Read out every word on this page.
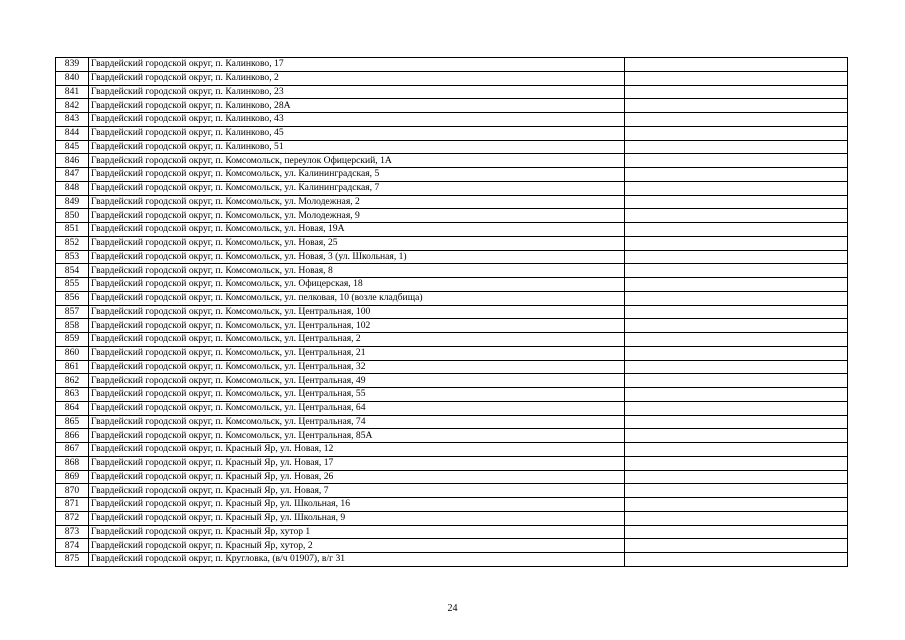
839	Гвардейский городской округ, п. Калинково, 17	
840	Гвардейский городской округ, п. Калинково, 2	
841	Гвардейский городской округ, п. Калинково, 23	
842	Гвардейский городской округ, п. Калинково, 28А	
843	Гвардейский городской округ, п. Калинково, 43	
844	Гвардейский городской округ, п. Калинково, 45	
845	Гвардейский городской округ, п. Калинково, 51	
846	Гвардейский городской округ, п. Комсомольск, переулок Офицерский, 1А	
847	Гвардейский городской округ, п. Комсомольск, ул. Калининградская, 5	
848	Гвардейский городской округ, п. Комсомольск, ул. Калининградская, 7	
849	Гвардейский городской округ, п. Комсомольск, ул. Молодежная, 2	
850	Гвардейский городской округ, п. Комсомольск, ул. Молодежная, 9	
851	Гвардейский городской округ, п. Комсомольск, ул. Новая, 19А	
852	Гвардейский городской округ, п. Комсомольск, ул. Новая, 25	
853	Гвардейский городской округ, п. Комсомольск, ул. Новая, 3 (ул. Школьная, 1)	
854	Гвардейский городской округ, п. Комсомольск, ул. Новая, 8	
855	Гвардейский городской округ, п. Комсомольск, ул. Офицерская, 18	
856	Гвардейский городской округ, п. Комсомольск, ул. пелковая, 10 (возле кладбища)	
857	Гвардейский городской округ, п. Комсомольск, ул. Центральная, 100	
858	Гвардейский городской округ, п. Комсомольск, ул. Центральная, 102	
859	Гвардейский городской округ, п. Комсомольск, ул. Центральная, 2	
860	Гвардейский городской округ, п. Комсомольск, ул. Центральная, 21	
861	Гвардейский городской округ, п. Комсомольск, ул. Центральная, 32	
862	Гвардейский городской округ, п. Комсомольск, ул. Центральная, 49	
863	Гвардейский городской округ, п. Комсомольск, ул. Центральная, 55	
864	Гвардейский городской округ, п. Комсомольск, ул. Центральная, 64	
865	Гвардейский городской округ, п. Комсомольск, ул. Центральная, 74	
866	Гвардейский городской округ, п. Комсомольск, ул. Центральная, 85А	
867	Гвардейский городской округ, п. Красный Яр, ул. Новая, 12	
868	Гвардейский городской округ, п. Красный Яр, ул. Новая, 17	
869	Гвардейский городской округ, п. Красный Яр, ул. Новая, 26	
870	Гвардейский городской округ, п. Красный Яр, ул. Новая, 7	
871	Гвардейский городской округ, п. Красный Яр, ул. Школьная, 16	
872	Гвардейский городской округ, п. Красный Яр, ул. Школьная, 9	
873	Гвардейский городской округ, п. Красный Яр, хутор 1	
874	Гвардейский городской округ, п. Красный Яр, хутор, 2	
875	Гвардейский городской округ, п. Кругловка, (в/ч 01907), в/г 31	
24
